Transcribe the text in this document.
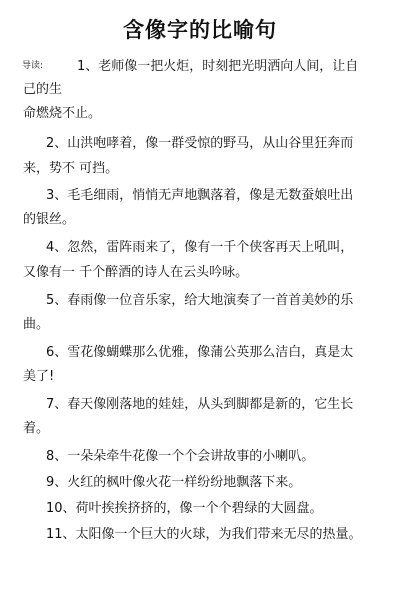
含像字的比喻句
导读:	1、老师像一把火炬，时刻把光明洒向人间，让自
己的生
命燃烧不止。
2、山洪咆哮着，像一群受惊的野马，从山谷里狂奔而
来，势不 可挡。
3、毛毛细雨，悄悄无声地飘落着，像是无数蚕娘吐出
的银丝。
4、忽然，雷阵雨来了，像有一千个侠客再天上吼叫，
又像有一 千个醉酒的诗人在云头吟咏。
5、春雨像一位音乐家，给大地演奏了一首首美妙的乐
曲。
6、雪花像蝴蝶那么优雅，像蒲公英那么洁白，真是太
美了!
7、春天像刚落地的娃娃，从头到脚都是新的，它生长
着。
8、一朵朵牵牛花像一个个会讲故事的小喇叭。
9、火红的枫叶像火花一样纷纷地飘落下来。
10、荷叶挨挨挤挤的，像一个个碧绿的大圆盘。
11、太阳像一个巨大的火球，为我们带来无尽的热量。
